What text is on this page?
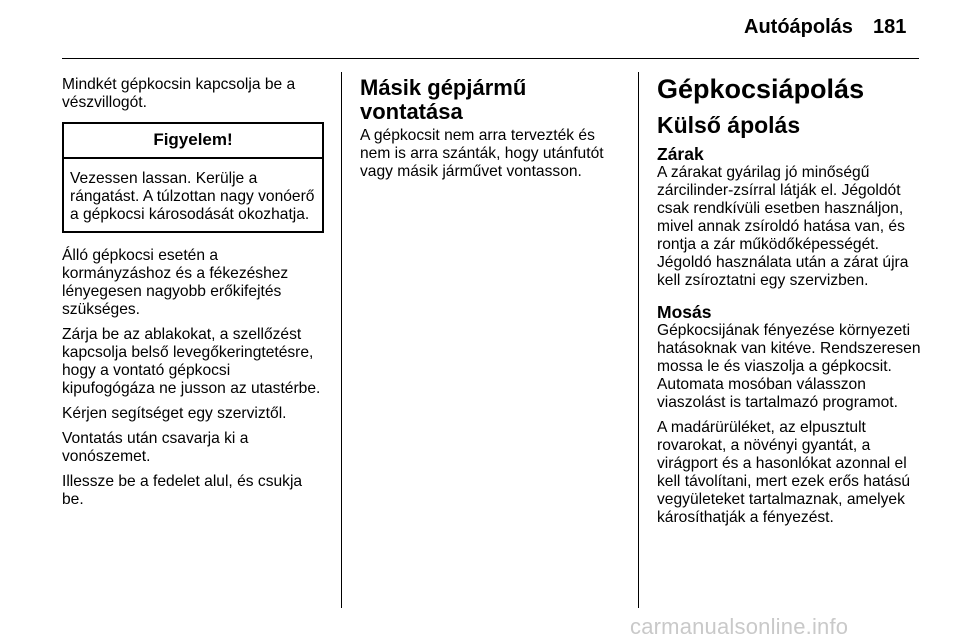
Autóápolás 181

Mindkét gépkocsin kapcsolja be a vészvillogót.

Figyelem!
Vezessen lassan. Kerülje a rángatást. A túlzottan nagy vonóerő a gépkocsi károsodását okozhatja.

Álló gépkocsi esetén a kormányzáshoz és a fékezéshez lényegesen nagyobb erőkifejtés szükséges.

Zárja be az ablakokat, a szellőzést kapcsolja belső levegőkeringtetésre, hogy a vontató gépkocsi kipufogógáza ne jusson az utastérbe.

Kérjen segítséget egy szerviztől.

Vontatás után csavarja ki a vonószemet.

Illessze be a fedelet alul, és csukja be.

Másik gépjármű vontatása

A gépkocsit nem arra tervezték és nem is arra szánták, hogy utánfutót vagy másik járművet vontasson.

Gépkocsiápolás
Külső ápolás
Zárak

A zárakat gyárilag jó minőségű zárcilinder-zsírral látják el. Jégoldót csak rendkívüli esetben használjon, mivel annak zsíroldó hatása van, és rontja a zár működőképességét. Jégoldó használata után a zárat újra kell zsíroztatni egy szervizben.

Mosás

Gépkocsijának fényezése környezeti hatásoknak van kitéve. Rendszeresen mossa le és viaszolja a gépkocsit. Automata mosóban válasszon viaszolást is tartalmazó programot.

A madárürüléket, az elpusztult rovarokat, a növényi gyantát, a virágport és a hasonlókat azonnal el kell távolítani, mert ezek erős hatású vegyületeket tartalmaznak, amelyek károsíthatják a fényezést.

carmanualsonline.info
